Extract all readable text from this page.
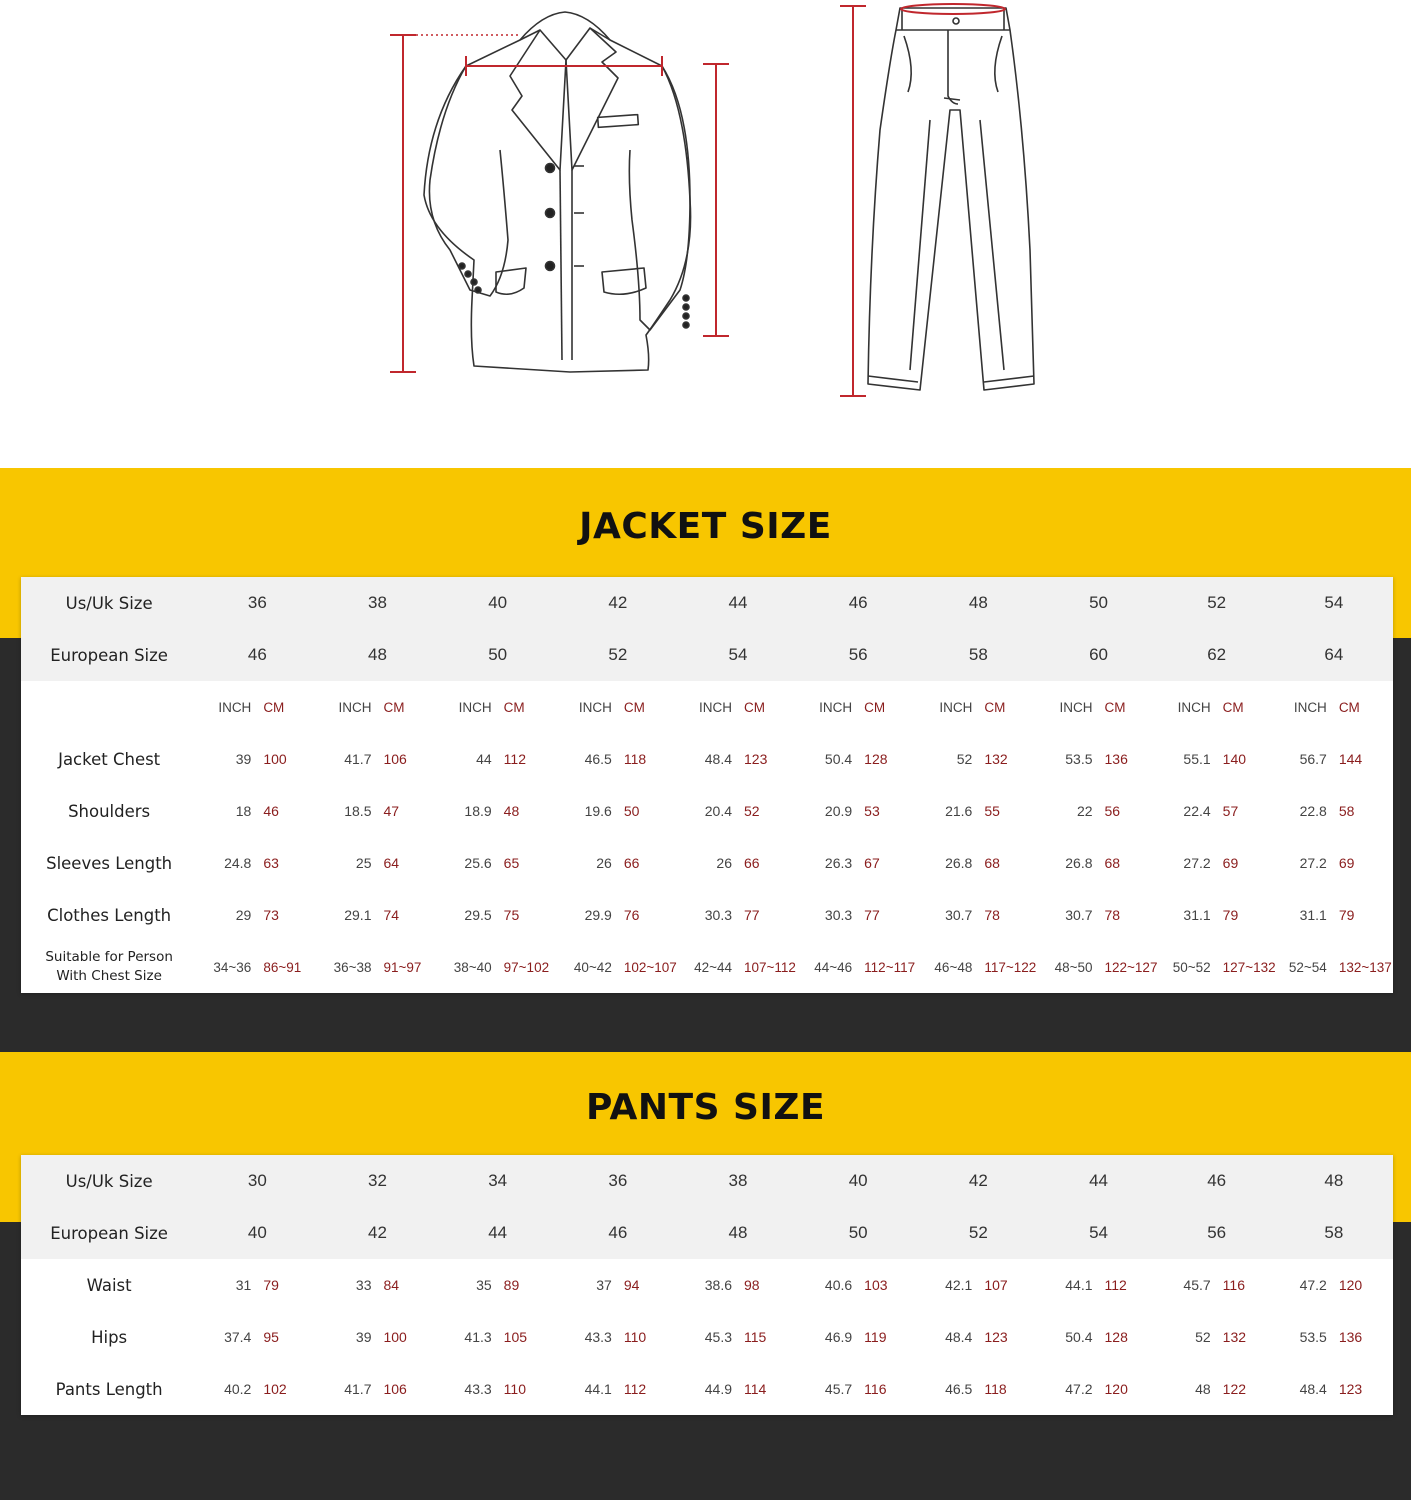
JACKET SIZE
Us/Uk Size	36		38		40		42		44		46		48		50		52		54	
European Size	46		48		50		52		54		56		58		60		62		64	
	INCH	CM	INCH	CM	INCH	CM	INCH	CM	INCH	CM	INCH	CM	INCH	CM	INCH	CM	INCH	CM	INCH	CM
Jacket Chest	39	100	41.7	106	44	112	46.5	118	48.4	123	50.4	128	52	132	53.5	136	55.1	140	56.7	144
Shoulders	18	46	18.5	47	18.9	48	19.6	50	20.4	52	20.9	53	21.6	55	22	56	22.4	57	22.8	58
Sleeves Length	24.8	63	25	64	25.6	65	26	66	26	66	26.3	67	26.8	68	26.8	68	27.2	69	27.2	69
Clothes Length	29	73	29.1	74	29.5	75	29.9	76	30.3	77	30.3	77	30.7	78	30.7	78	31.1	79	31.1	79
Suitable for Person
With Chest Size	34~36	86~91	36~38	91~97	38~40	97~102	40~42	102~107	42~44	107~112	44~46	112~117	46~48	117~122	48~50	122~127	50~52	127~132	52~54	132~137
PANTS SIZE
Us/Uk Size	30		32		34		36		38		40		42		44		46		48	
European Size	40		42		44		46		48		50		52		54		56		58	
Waist	31	79	33	84	35	89	37	94	38.6	98	40.6	103	42.1	107	44.1	112	45.7	116	47.2	120
Hips	37.4	95	39	100	41.3	105	43.3	110	45.3	115	46.9	119	48.4	123	50.4	128	52	132	53.5	136
Pants Length	40.2	102	41.7	106	43.3	110	44.1	112	44.9	114	45.7	116	46.5	118	47.2	120	48	122	48.4	123
